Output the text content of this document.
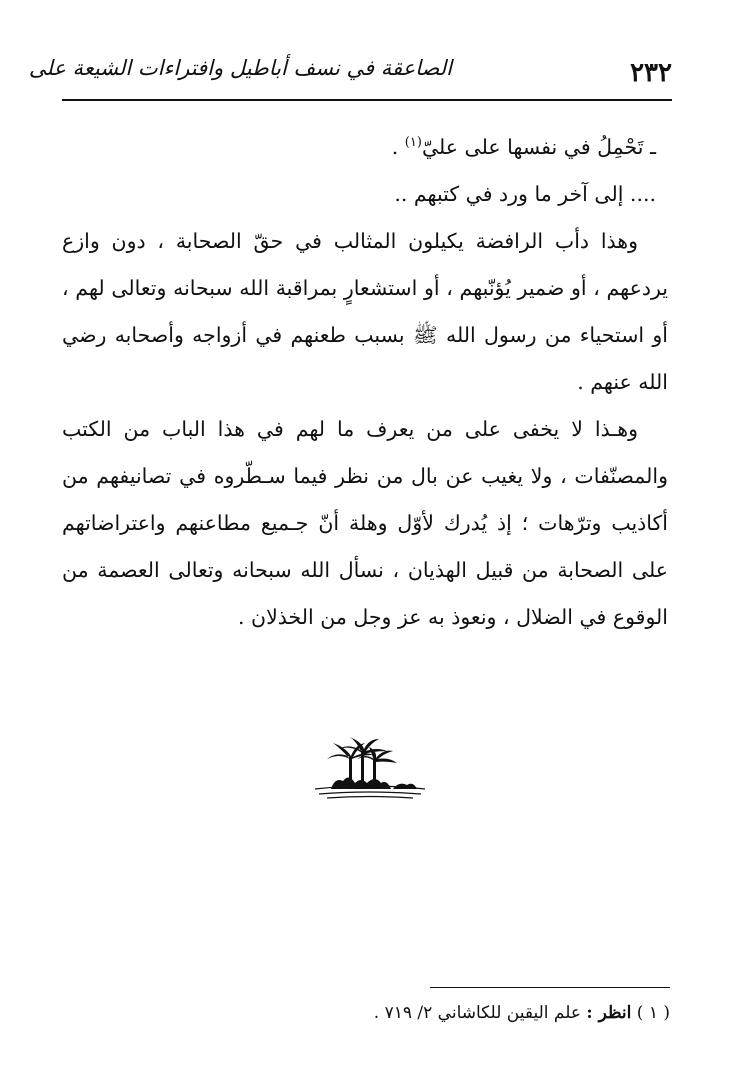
٢٣٢
الصاعقة في نسف أباطيل وافتراءات الشيعة على

ـ تَحْمِلُ في نفسها على عليّ$^{(١)}$ .

.... إلى آخر ما ورد في كتبهم ..

وهذا دأب الرافضة يكيلون المثالب في حقّ الصحابة ، دون وازع يردعهم ، أو ضمير يُؤنّبهم ، أو استشعارٍ بمراقبة الله سبحانه وتعالى لهم ، أو استحياء من رسول الله ﷺ بسبب طعنهم في أزواجه وأصحابه رضي الله عنهم .

وهـذا لا يخفى على من يعرف ما لهم في هذا الباب من الكتب والمصنّفات ، ولا يغيب عن بال من نظر فيما سـطّروه في تصانيفهم من أكاذيب وترّهات ؛ إذ يُدرك لأوّل وهلة أنّ جـميع مطاعنهم واعتراضاتهم على الصحابة من قبيل الهذيان ، نسأل الله سبحانه وتعالى العصمة من الوقوع في الضلال ، ونعوذ به عز وجل من الخذلان .

( ١ ) انظر : علم اليقين للكاشاني ٢/ ٧١٩ .
